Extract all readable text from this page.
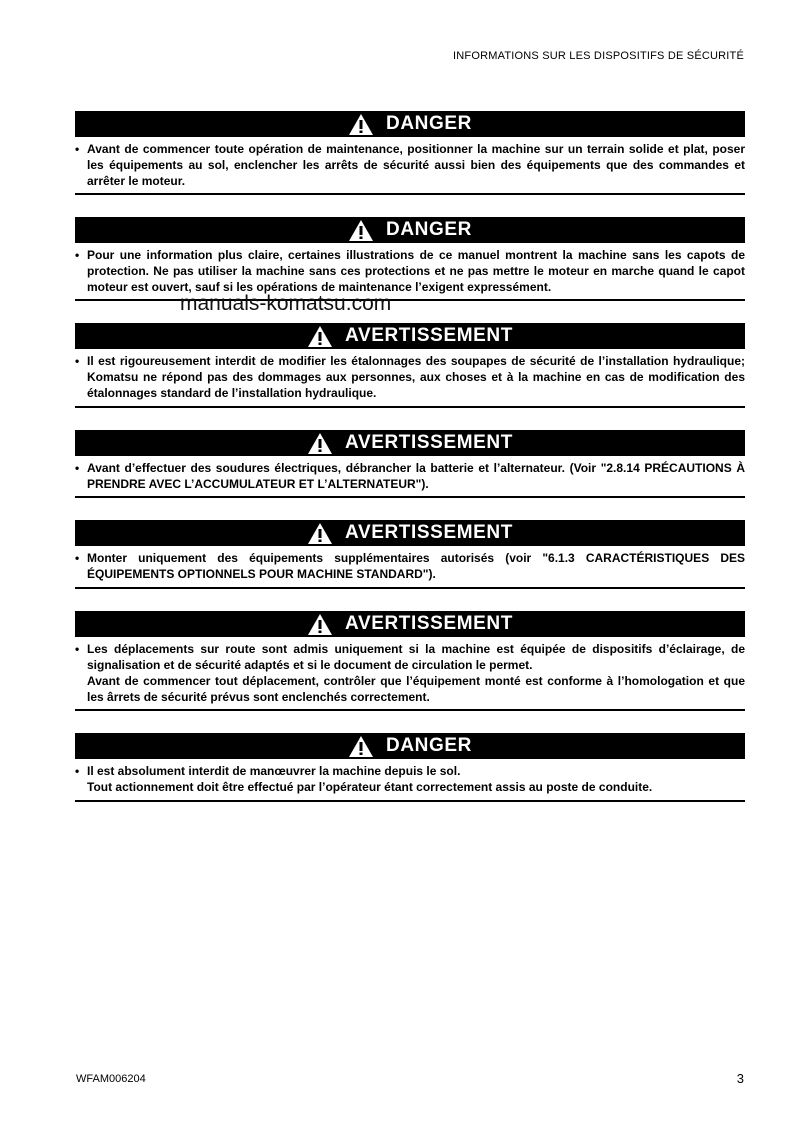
INFORMATIONS SUR LES DISPOSITIFS DE SÉCURITÉ
DANGER
• Avant de commencer toute opération de maintenance, positionner la machine sur un terrain solide et plat, poser les équipements au sol, enclencher les arrêts de sécurité aussi bien des équipements que des commandes et arrêter le moteur.

DANGER
• Pour une information plus claire, certaines illustrations de ce manuel montrent la machine sans les capots de protection. Ne pas utiliser la machine sans ces protections et ne pas mettre le moteur en marche quand le capot moteur est ouvert, sauf si les opérations de maintenance l’exigent expressément.

manuals-komatsu.com
AVERTISSEMENT
• Il est rigoureusement interdit de modifier les étalonnages des soupapes de sécurité de l’installation hydraulique; Komatsu ne répond pas des dommages aux personnes, aux choses et à la machine en cas de modification des étalonnages standard de l’installation hydraulique.

AVERTISSEMENT
• Avant d’effectuer des soudures électriques, débrancher la batterie et l’alternateur. (Voir "2.8.14 PRÉCAUTIONS À PRENDRE AVEC L’ACCUMULATEUR ET L’ALTERNATEUR").

AVERTISSEMENT
• Monter uniquement des équipements supplémentaires autorisés (voir "6.1.3 CARACTÉRISTIQUES DES ÉQUIPEMENTS OPTIONNELS POUR MACHINE STANDARD").

AVERTISSEMENT
• Les déplacements sur route sont admis uniquement si la machine est équipée de dispositifs d’éclairage, de signalisation et de sécurité adaptés et si le document de circulation le permet.

Avant de commencer tout déplacement, contrôler que l’équipement monté est conforme à l’homologation et que les ârrets de sécurité prévus sont enclenchés correctement.

DANGER
• Il est absolument interdit de manœuvrer la machine depuis le sol.

Tout actionnement doit être effectué par l’opérateur étant correctement assis au poste de conduite.

WFAM006204	3
